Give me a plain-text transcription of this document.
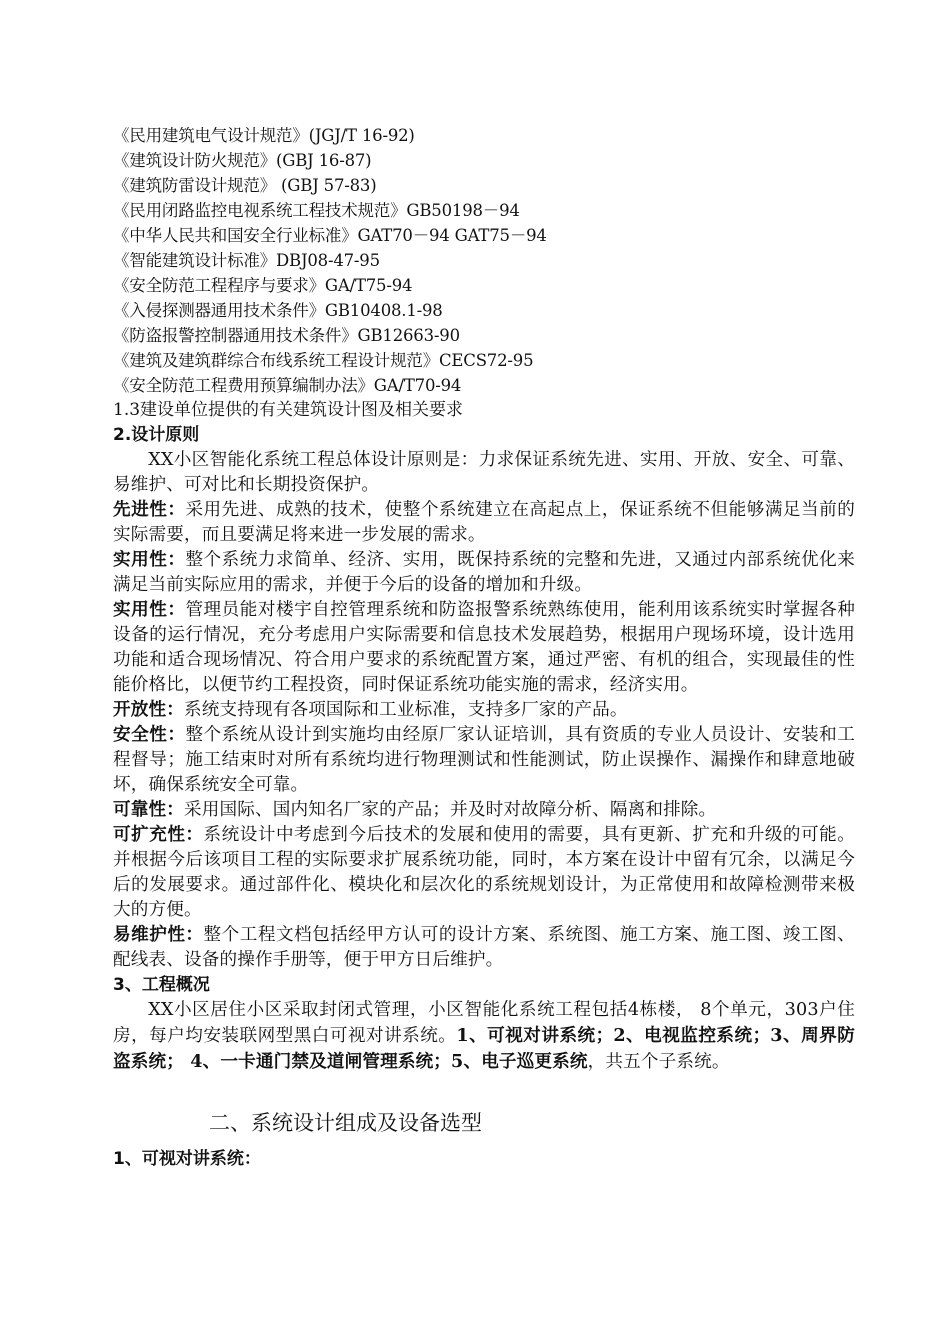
《民用建筑电气设计规范》(JGJ/T 16-92)
《建筑设计防火规范》(GBJ 16-87)
《建筑防雷设计规范》 (GBJ 57-83)
《民用闭路监控电视系统工程技术规范》GB50198－94
《中华人民共和国安全行业标准》GAT70－94 GAT75－94
《智能建筑设计标准》DBJ08-47-95
《安全防范工程程序与要求》GA/T75-94
《入侵探测器通用技术条件》GB10408.1-98
《防盗报警控制器通用技术条件》GB12663-90
《建筑及建筑群综合布线系统工程设计规范》CECS72-95
《安全防范工程费用预算编制办法》GA/T70-94
1.3建设单位提供的有关建筑设计图及相关要求
2.设计原则

XX小区智能化系统工程总体设计原则是：力求保证系统先进、实用、开放、安全、可靠、易维护、可对比和长期投资保护。

先进性：采用先进、成熟的技术，使整个系统建立在高起点上，保证系统不但能够满足当前的实际需要，而且要满足将来进一步发展的需求。

实用性：整个系统力求简单、经济、实用，既保持系统的完整和先进，又通过内部系统优化来满足当前实际应用的需求，并便于今后的设备的增加和升级。

实用性：管理员能对楼宇自控管理系统和防盗报警系统熟练使用，能利用该系统实时掌握各种设备的运行情况，充分考虑用户实际需要和信息技术发展趋势，根据用户现场环境，设计选用功能和适合现场情况、符合用户要求的系统配置方案，通过严密、有机的组合，实现最佳的性能价格比，以便节约工程投资，同时保证系统功能实施的需求，经济实用。

开放性：系统支持现有各项国际和工业标准，支持多厂家的产品。

安全性：整个系统从设计到实施均由经原厂家认证培训，具有资质的专业人员设计、安装和工程督导；施工结束时对所有系统均进行物理测试和性能测试，防止误操作、漏操作和肆意地破坏，确保系统安全可靠。

可靠性：采用国际、国内知名厂家的产品；并及时对故障分析、隔离和排除。

可扩充性：系统设计中考虑到今后技术的发展和使用的需要，具有更新、扩充和升级的可能。并根据今后该项目工程的实际要求扩展系统功能，同时，本方案在设计中留有冗余，以满足今后的发展要求。通过部件化、模块化和层次化的系统规划设计，为正常使用和故障检测带来极大的方便。

易维护性：整个工程文档包括经甲方认可的设计方案、系统图、施工方案、施工图、竣工图、配线表、设备的操作手册等，便于甲方日后维护。

3、工程概况

XX小区居住小区采取封闭式管理，小区智能化系统工程包括4栋楼， 8个单元，303户住房，每户均安装联网型黑白可视对讲系统。1、可视对讲系统；2、电视监控系统；3、周界防盗系统； 4、一卡通门禁及道闸管理系统；5、电子巡更系统，共五个子系统。

二、系统设计组成及设备选型
1、可视对讲系统：
